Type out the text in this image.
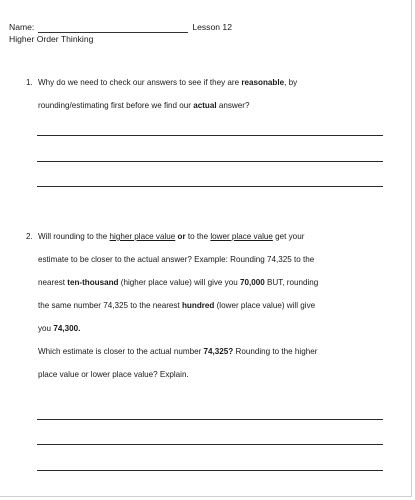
Name:	Lesson 12
Higher Order Thinking
1. Why do we need to check our answers to see if they are reasonable, by
rounding/estimating first before we find our actual answer?
2. Will rounding to the higher place value or to the lower place value get your
estimate to be closer to the actual answer? Example: Rounding 74,325 to the
nearest ten-thousand (higher place value) will give you 70,000 BUT, rounding
the same number 74,325 to the nearest hundred (lower place value) will give
you 74,300.
Which estimate is closer to the actual number 74,325? Rounding to the higher
place value or lower place value? Explain.
